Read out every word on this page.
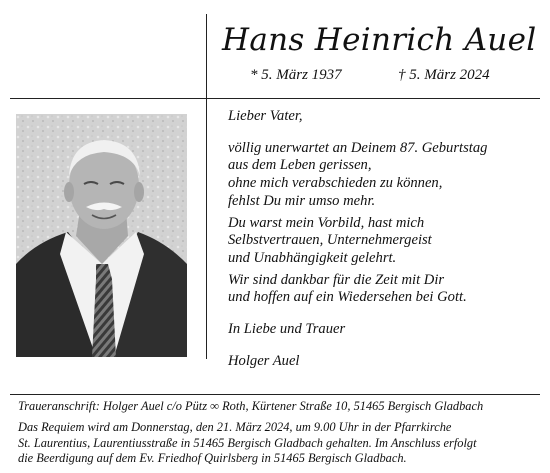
Hans Heinrich Auel
* 5. März 1937	† 5. März 2024
Lieber Vater,
völlig unerwartet an Deinem 87. Geburtstag
aus dem Leben gerissen,
ohne mich verabschieden zu können,
fehlst Du mir umso mehr.
Du warst mein Vorbild, hast mich
Selbstvertrauen, Unternehmergeist
und Unabhängigkeit gelehrt.
Wir sind dankbar für die Zeit mit Dir
und hoffen auf ein Wiedersehen bei Gott.
In Liebe und Trauer
Holger Auel
Traueranschrift: Holger Auel c/o Pütz ∞ Roth, Kürtener Straße 10, 51465 Bergisch Gladbach
Das Requiem wird am Donnerstag, den 21. März 2024, um 9.00 Uhr in der Pfarrkirche
St. Laurentius, Laurentiusstraße in 51465 Bergisch Gladbach gehalten. Im Anschluss erfolgt
die Beerdigung auf dem Ev. Friedhof Quirlsberg in 51465 Bergisch Gladbach.
